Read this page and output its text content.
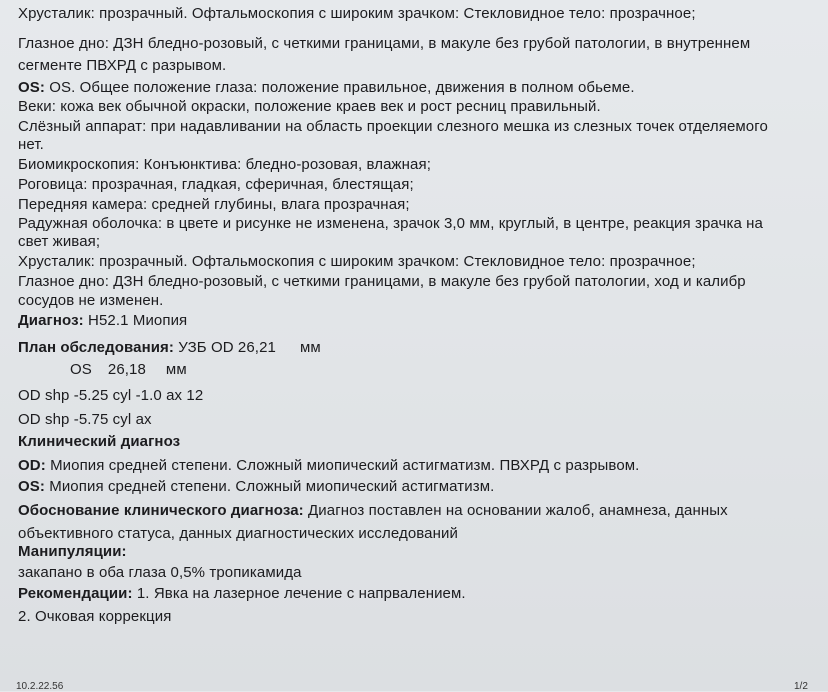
Хрусталик: прозрачный. Офтальмоскопия с широким зрачком: Стекловидное тело: прозрачное;
Глазное дно: ДЗН бледно-розовый, с четкими границами, в макуле без грубой патологии, в внутреннем
сегменте ПВХРД с разрывом.
OS: OS. Общее положение глаза: положение правильное, движения в полном обьеме.
Веки: кожа век обычной окраски, положение краев век и рост ресниц правильный.
Слёзный аппарат: при надавливании на область проекции слезного мешка из слезных точек отделяемого
нет.
Биомикроскопия: Конъюнктива: бледно-розовая, влажная;
Роговица: прозрачная, гладкая, сферичная, блестящая;
Передняя камера: средней глубины, влага прозрачная;
Радужная оболочка: в цвете и рисунке не изменена, зрачок 3,0 мм, круглый, в центре, реакция зрачка на
свет живая;
Хрусталик: прозрачный. Офтальмоскопия с широким зрачком: Стекловидное тело: прозрачное;
Глазное дно: ДЗН бледно-розовый, с четкими границами, в макуле без грубой патологии, ход и калибр
сосудов не изменен.
Диагноз: H52.1 Миопия
План обследования: УЗБ OD 26,21 мм
OS 26,18 мм
OD shp -5.25 cyl -1.0 ax 12
OD shp -5.75 cyl ax
Клинический диагноз
OD: Миопия средней степени. Сложный миопический астигматизм. ПВХРД с разрывом.
OS: Миопия средней степени. Сложный миопический астигматизм.
Обоснование клинического диагноза: Диагноз поставлен на основании жалоб, анамнеза, данных
объективного статуса, данных диагностических исследований
Манипуляции:
закапано в оба глаза 0,5% тропикамида
Рекомендации: 1. Явка на лазерное лечение с напрвалением.
2. Очковая коррекция
10.2.22.56	1/2
